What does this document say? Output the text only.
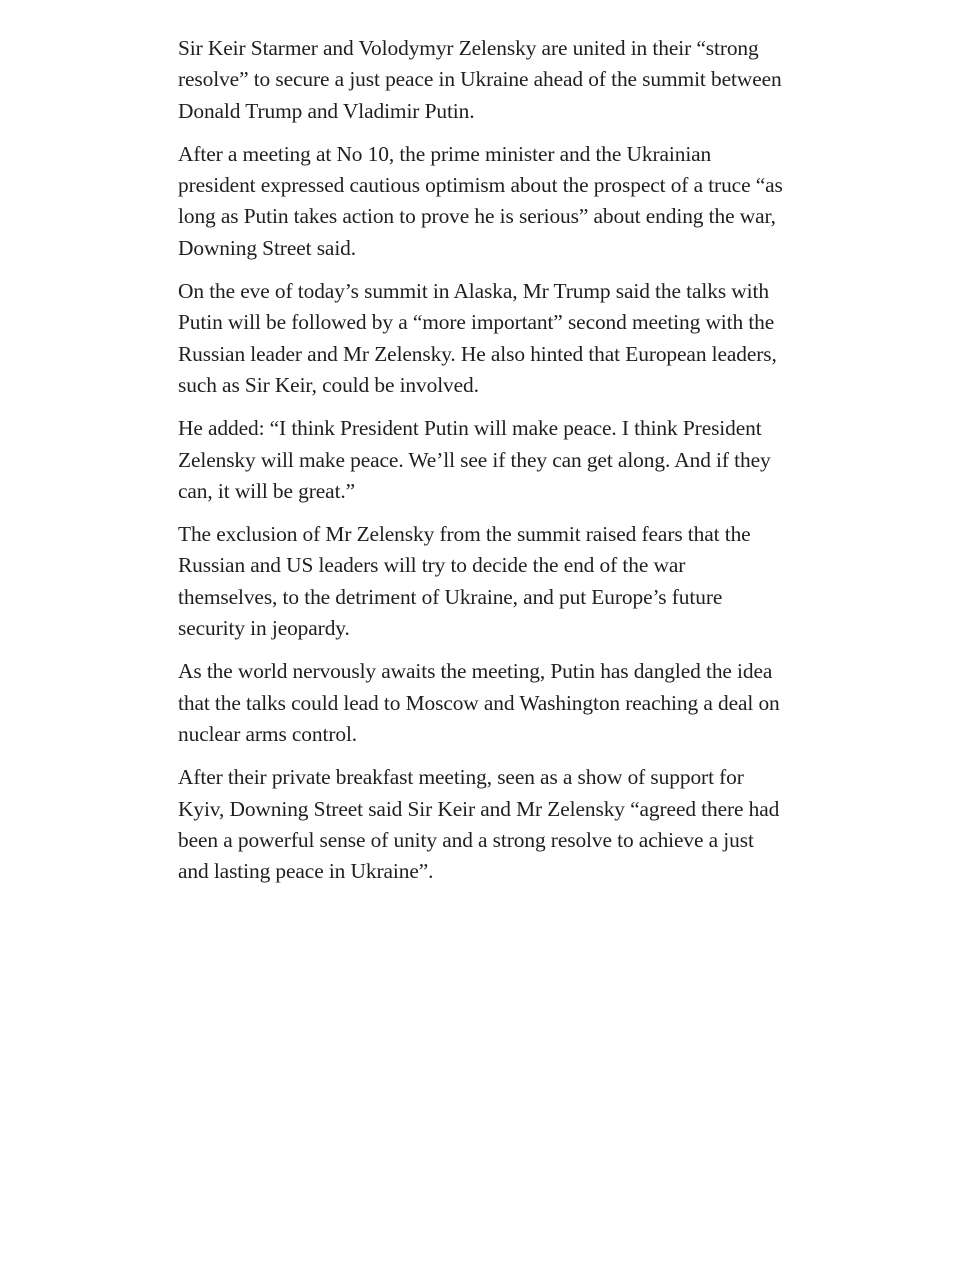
Sir Keir Starmer and Volodymyr Zelensky are united in their “strong resolve” to secure a just peace in Ukraine ahead of the summit between Donald Trump and Vladimir Putin.

After a meeting at No 10, the prime minister and the Ukrainian president expressed cautious optimism about the prospect of a truce “as long as Putin takes action to prove he is serious” about ending the war, Downing Street said.

On the eve of today’s summit in Alaska, Mr Trump said the talks with Putin will be followed by a “more important” second meeting with the Russian leader and Mr Zelensky. He also hinted that European leaders, such as Sir Keir, could be involved.

He added: “I think President Putin will make peace. I think President Zelensky will make peace. We’ll see if they can get along. And if they can, it will be great.”

The exclusion of Mr Zelensky from the summit raised fears that the Russian and US leaders will try to decide the end of the war themselves, to the detriment of Ukraine, and put Europe’s future security in jeopardy.

As the world nervously awaits the meeting, Putin has dangled the idea that the talks could lead to Moscow and Washington reaching a deal on nuclear arms control.

After their private breakfast meeting, seen as a show of support for Kyiv, Downing Street said Sir Keir and Mr Zelensky “agreed there had been a powerful sense of unity and a strong resolve to achieve a just and lasting peace in Ukraine”.
